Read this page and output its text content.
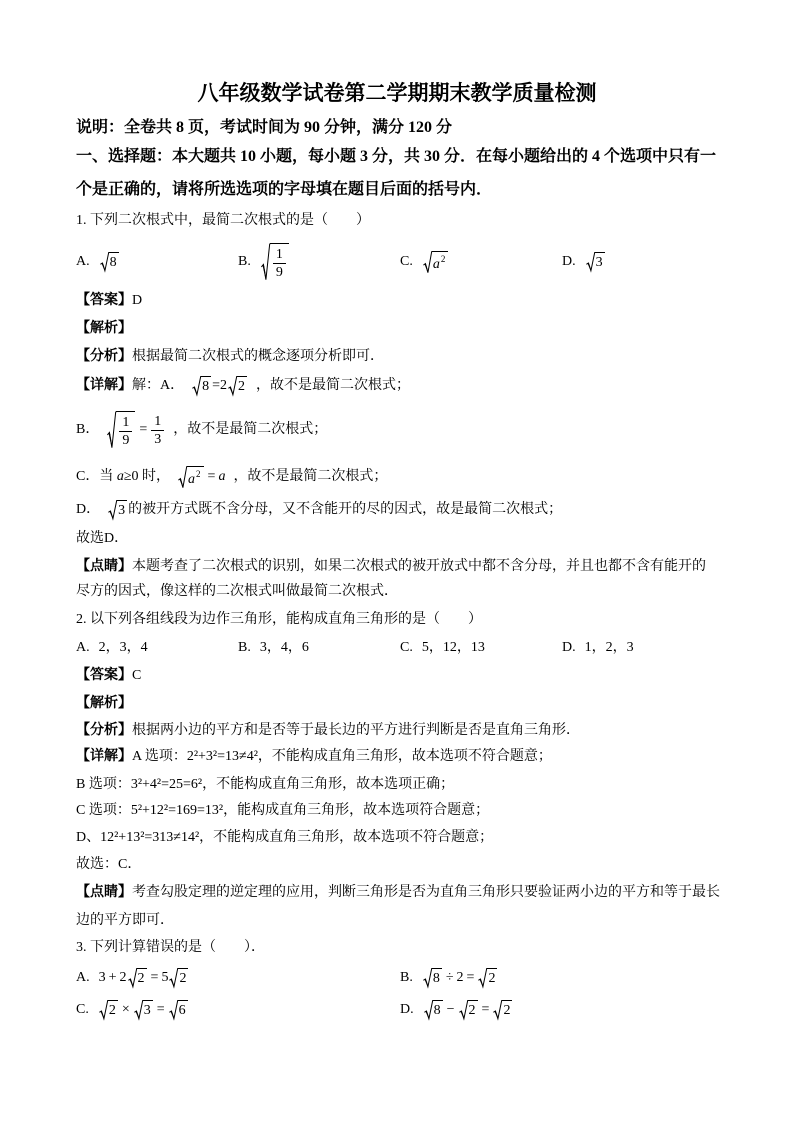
八年级数学试卷第二学期期末教学质量检测
说明：全卷共 8 页，考试时间为 90 分钟，满分 120 分
一、选择题：本大题共 10 小题，每小题 3 分，共 30 分．在每小题给出的 4 个选项中只有一
个是正确的，请将所选选项的字母填在题目后面的括号内．
1. 下列二次根式中，最简二次根式的是（　　）
A. 8	B. $\frac{1}{9}$	C. $a^2$	D. 3
【答案】 D
【解析】
【分析】 根据最简二次根式的概念逐项分析即可．
【详解】 解：A． 8 = 2 2 ，故不是最简二次根式；
B． $\frac{1}{9} = \frac{1}{3}$ ，故不是最简二次根式；
C．当 a ≥0 时， $a^2 = a$ ，故不是最简二次根式；
D． 3 的被开方式既不含分母，又不含能开的尽的因式，故是最简二次根式；
故选D．
【点睛】 本题考查了二次根式的识别，如果二次根式的被开放式中都不含分母，并且也都不含有能开的
尽方的因式，像这样的二次根式叫做最简二次根式．
2. 以下列各组线段为边作三角形，能构成直角三角形的是（　　）
A. 2，3，4	B. 3，4，6	C. 5，12，13	D. 1，2，3
【答案】 C
【解析】
【分析】 根据两小边的平方和是否等于最长边的平方进行判断是否是直角三角形．
【详解】 A 选项：2²+3²=13≠4²，不能构成直角三角形，故本选项不符合题意；
B 选项：3²+4²=25=6²，不能构成直角三角形，故本选项正确；
C 选项：5²+12²=169=13²，能构成直角三角形，故本选项符合题意；
D、12²+13²=313≠14²，不能构成直角三角形，故本选项不符合题意；
故选：C．
【点睛】 考查勾股定理的逆定理的应用，判断三角形是否为直角三角形只要验证两小边的平方和等于最长
边的平方即可．
3. 下列计算错误的是（　　）．
A. 3 + 2 2 = 5 2	B. 8 ÷ 2 = 2
C. 2 × 3 = 6	D. 8 − 2 = 2
